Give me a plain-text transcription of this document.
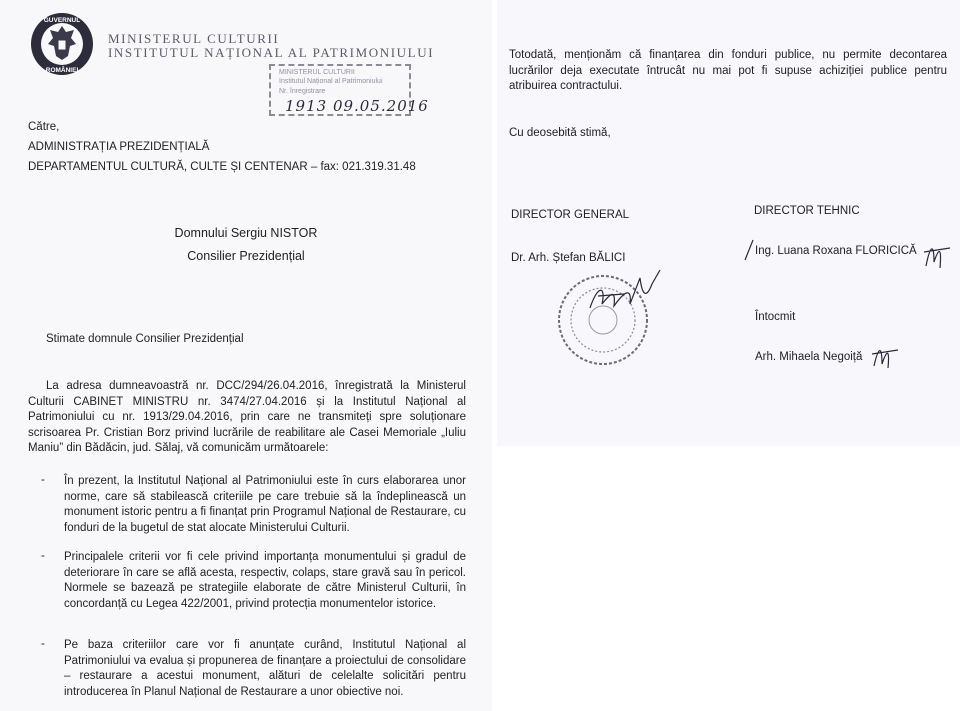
GUVERNUL
ROMÂNIEI
MINISTERUL CULTURII
INSTITUTUL NAȚIONAL AL PATRIMONIULUI
MINISTERUL CULTURII
Institutul Național al Patrimoniului
Nr. înregistrare
1913 09.05.2016
Către,
ADMINISTRAȚIA PREZIDENȚIALĂ
DEPARTAMENTUL CULTURĂ, CULTE ȘI CENTENAR – fax: 021.319.31.48
Domnului Sergiu NISTOR
Consilier Prezidențial
Stimate domnule Consilier Prezidențial
La adresa dumneavoastră nr. DCC/294/26.04.2016, înregistrată la Ministerul Culturii CABINET MINISTRU nr. 3474/27.04.2016 și la Institutul Național al Patrimoniului cu nr. 1913/29.04.2016, prin care ne transmiteți spre soluționare scrisoarea Pr. Cristian Borz privind lucrările de reabilitare ale Casei Memoriale „Iuliu Maniu” din Bădăcin, jud. Sălaj, vă comunicăm următoarele:
- În prezent, la Institutul Național al Patrimoniului este în curs elaborarea unor norme, care să stabilească criteriile pe care trebuie să la îndeplinească un monument istoric pentru a fi finanțat prin Programul Național de Restaurare, cu fonduri de la bugetul de stat alocate Ministerului Culturii.
- Principalele criterii vor fi cele privind importanța monumentului și gradul de deteriorare în care se află acesta, respectiv, colaps, stare gravă sau în pericol. Normele se bazează pe strategiile elaborate de către Ministerul Culturii, în concordanță cu Legea 422/2001, privind protecția monumentelor istorice.
- Pe baza criteriilor care vor fi anunțate curând, Institutul Național al Patrimoniului va evalua și propunerea de finanțare a proiectului de consolidare – restaurare a acestui monument, alături de celelalte solicitări pentru introducerea în Planul Național de Restaurare a unor obiective noi.
Totodată, menționăm că finanțarea din fonduri publice, nu permite decontarea lucrărilor deja executate întrucât nu mai pot fi supuse achiziției publice pentru atribuirea contractului.
Cu deosebită stimă,
DIRECTOR GENERAL
Dr. Arh. Ștefan BĂLICI
DIRECTOR TEHNIC
Ing. Luana Roxana FLORICICĂ
Întocmit
Arh. Mihaela Negoiță
